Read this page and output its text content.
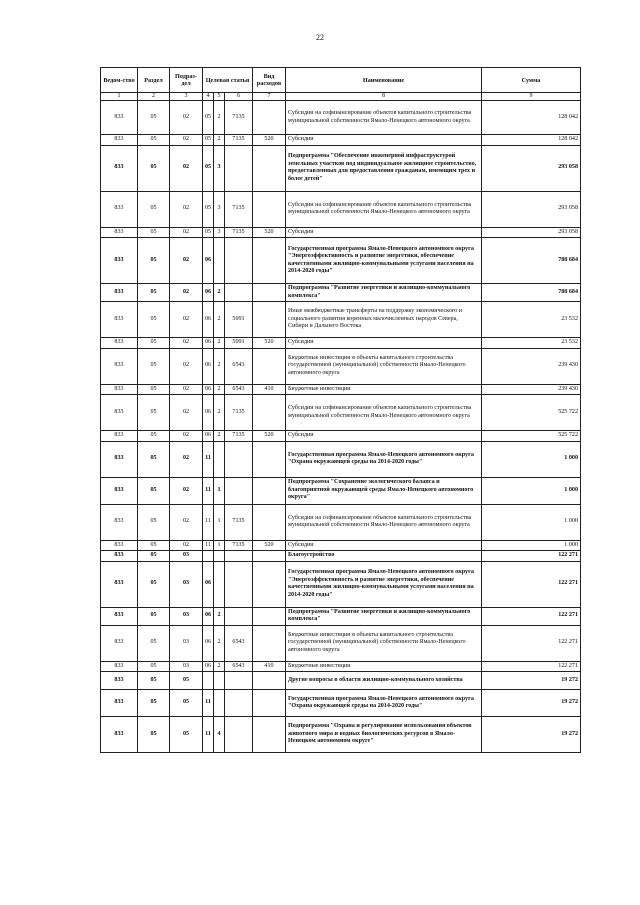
22
Ведом-ство	Раздел	Подраз-дел	Целевая статья			Вид расходов	Наименование	Сумма
1	2	3	4	5	6	7	8	9
833	05	02	05	2	7135		Субсидии на софинансирование объектов капитального строительства муниципальной собственности Ямало-Ненецкого автономного округа	128 042
833	05	02	05	2	7135	520	Субсидии	128 042
833	05	02	05	3			Подпрограмма "Обеспечение инженерной инфраструктурой земельных участков под индивидуальное жилищное строительство, предоставленных для предоставления гражданам, имеющим трех и более детей"	293 058
833	05	02	05	3	7135		Субсидии на софинансирование объектов капитального строительства муниципальной собственности Ямало-Ненецкого автономного округа	293 058
833	05	02	05	3	7135	520	Субсидии	293 058
833	05	02	06				Государственная программа Ямало-Ненецкого автономного округа "Энергоэффективность и развитие энергетики, обеспечение качественными жилищно-коммунальными услугами населения на 2014-2020 годы"	788 684
833	05	02	06	2			Подпрограмма "Развитие энергетики и жилищно-коммунального комплекса"	788 684
833	05	02	06	2	5091		Иные межбюджетные трансферты на поддержку экономического и социального развития коренных малочисленных народов Севера, Сибири и Дальнего Востока	23 532
833	05	02	06	2	5091	520	Субсидии	23 532
833	05	02	06	2	6543		Бюджетные инвестиции в объекты капитального строительства государственной (муниципальной) собственности Ямало-Ненецкого автономного округа	239 430
833	05	02	06	2	6543	410	Бюджетные инвестиции	239 430
833	05	02	06	2	7135		Субсидии на софинансирование объектов капитального строительства муниципальной собственности Ямало-Ненецкого автономного округа	525 722
833	05	02	06	2	7135	520	Субсидии	525 722
833	05	02	11				Государственная программа Ямало-Ненецкого автономного округа "Охрана окружающей среды на 2014-2020 годы"	1 000
833	05	02	11	1			Подпрограмма "Сохранение экологического баланса и благоприятной окружающей среды Ямало-Ненецкого автономного округа"	1 000
833	05	02	11	1	7135		Субсидии на софинансирование объектов капитального строительства муниципальной собственности Ямало-Ненецкого автономного округа	1 000
833	05	02	11	1	7135	520	Субсидии	1 000
833	05	03					Благоустройство	122 271
833	05	03	06				Государственная программа Ямало-Ненецкого автономного округа "Энергоэффективность и развитие энергетики, обеспечение качественными жилищно-коммунальными услугами населения на 2014-2020 годы"	122 271
833	05	03	06	2			Подпрограмма "Развитие энергетики и жилищно-коммунального комплекса"	122 271
833	05	03	06	2	6543		Бюджетные инвестиции в объекты капитального строительства государственной (муниципальной) собственности Ямало-Ненецкого автономного округа	122 271
833	05	03	06	2	6543	410	Бюджетные инвестиции	122 271
833	05	05					Другие вопросы в области жилищно-коммунального хозяйства	19 272
833	05	05	11				Государственная программа Ямало-Ненецкого автономного округа "Охрана окружающей среды на 2014-2020 годы"	19 272
833	05	05	11	4			Подпрограмма "Охрана и регулирование использования объектов животного мира и водных биологических ресурсов в Ямало-Ненецком автономном округе"	19 272
